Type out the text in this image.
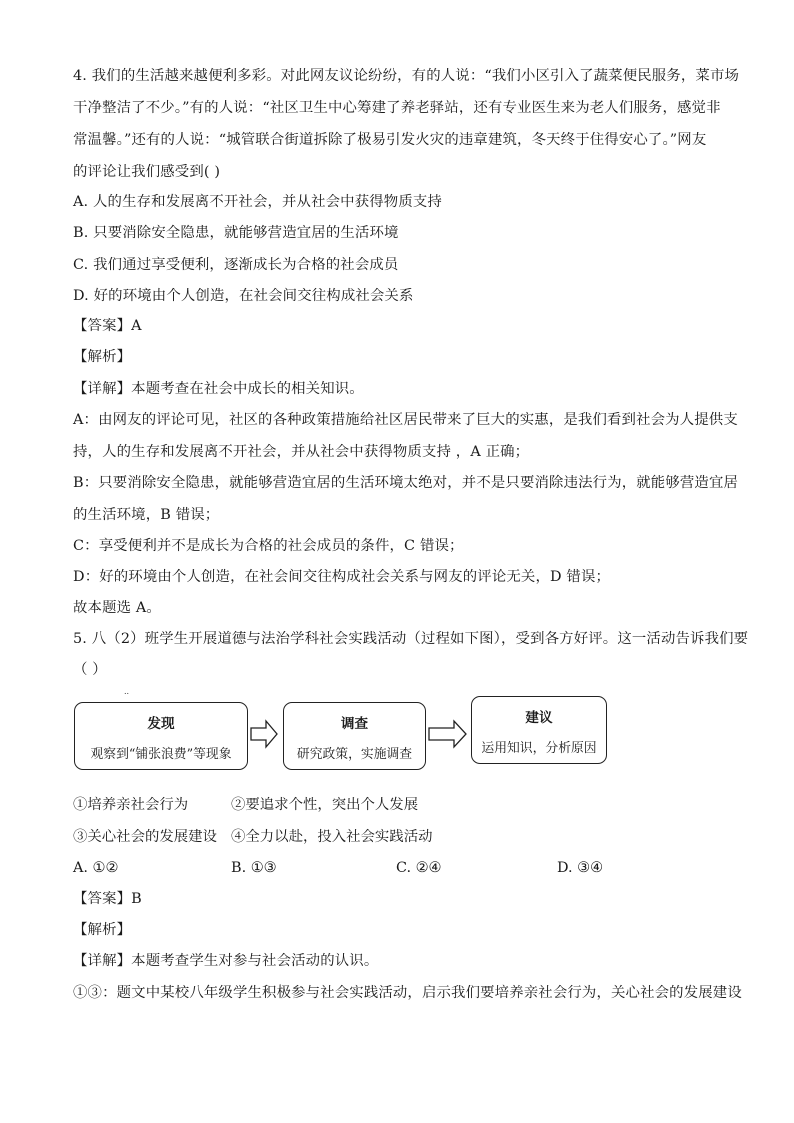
4. 我们的生活越来越便利多彩。对此网友议论纷纷，有的人说：“我们小区引入了蔬菜便民服务，菜市场
干净整洁了不少。”有的人说：“社区卫生中心筹建了养老驿站，还有专业医生来为老人们服务，感觉非
常温馨。”还有的人说：“城管联合街道拆除了极易引发火灾的违章建筑，冬天终于住得安心了。”网友
的评论让我们感受到( )
A. 人的生存和发展离不开社会，并从社会中获得物质支持
B. 只要消除安全隐患，就能够营造宜居的生活环境
C. 我们通过享受便利，逐渐成长为合格的社会成员
D. 好的环境由个人创造，在社会间交往构成社会关系
【答案】A
【解析】
【详解】本题考查在社会中成长的相关知识。
A：由网友的评论可见，社区的各种政策措施给社区居民带来了巨大的实惠，是我们看到社会为人提供支
持，人的生存和发展离不开社会，并从社会中获得物质支持 ，A 正确；
B：只要消除安全隐患，就能够营造宜居的生活环境太绝对，并不是只要消除违法行为，就能够营造宜居
的生活环境，B 错误；
C：享受便利并不是成长为合格的社会成员的条件，C 错误；
D：好的环境由个人创造，在社会间交往构成社会关系与网友的评论无关，D 错误；
故本题选 A。
5. 八（2）班学生开展道德与法治学科社会实践活动（过程如下图），受到各方好评。这一活动告诉我们要
（ ）
..
发现
观察到“铺张浪费”等现象
调查
研究政策，实施调查
建议
运用知识，分析原因
①培养亲社会行为	②要追求个性，突出个人发展
③关心社会的发展建设 ④全力以赴，投入社会实践活动
A. ①②	B. ①③	C. ②④	D. ③④
【答案】B
【解析】
【详解】本题考查学生对参与社会活动的认识。
①③：题文中某校八年级学生积极参与社会实践活动，启示我们要培养亲社会行为，关心社会的发展建设
